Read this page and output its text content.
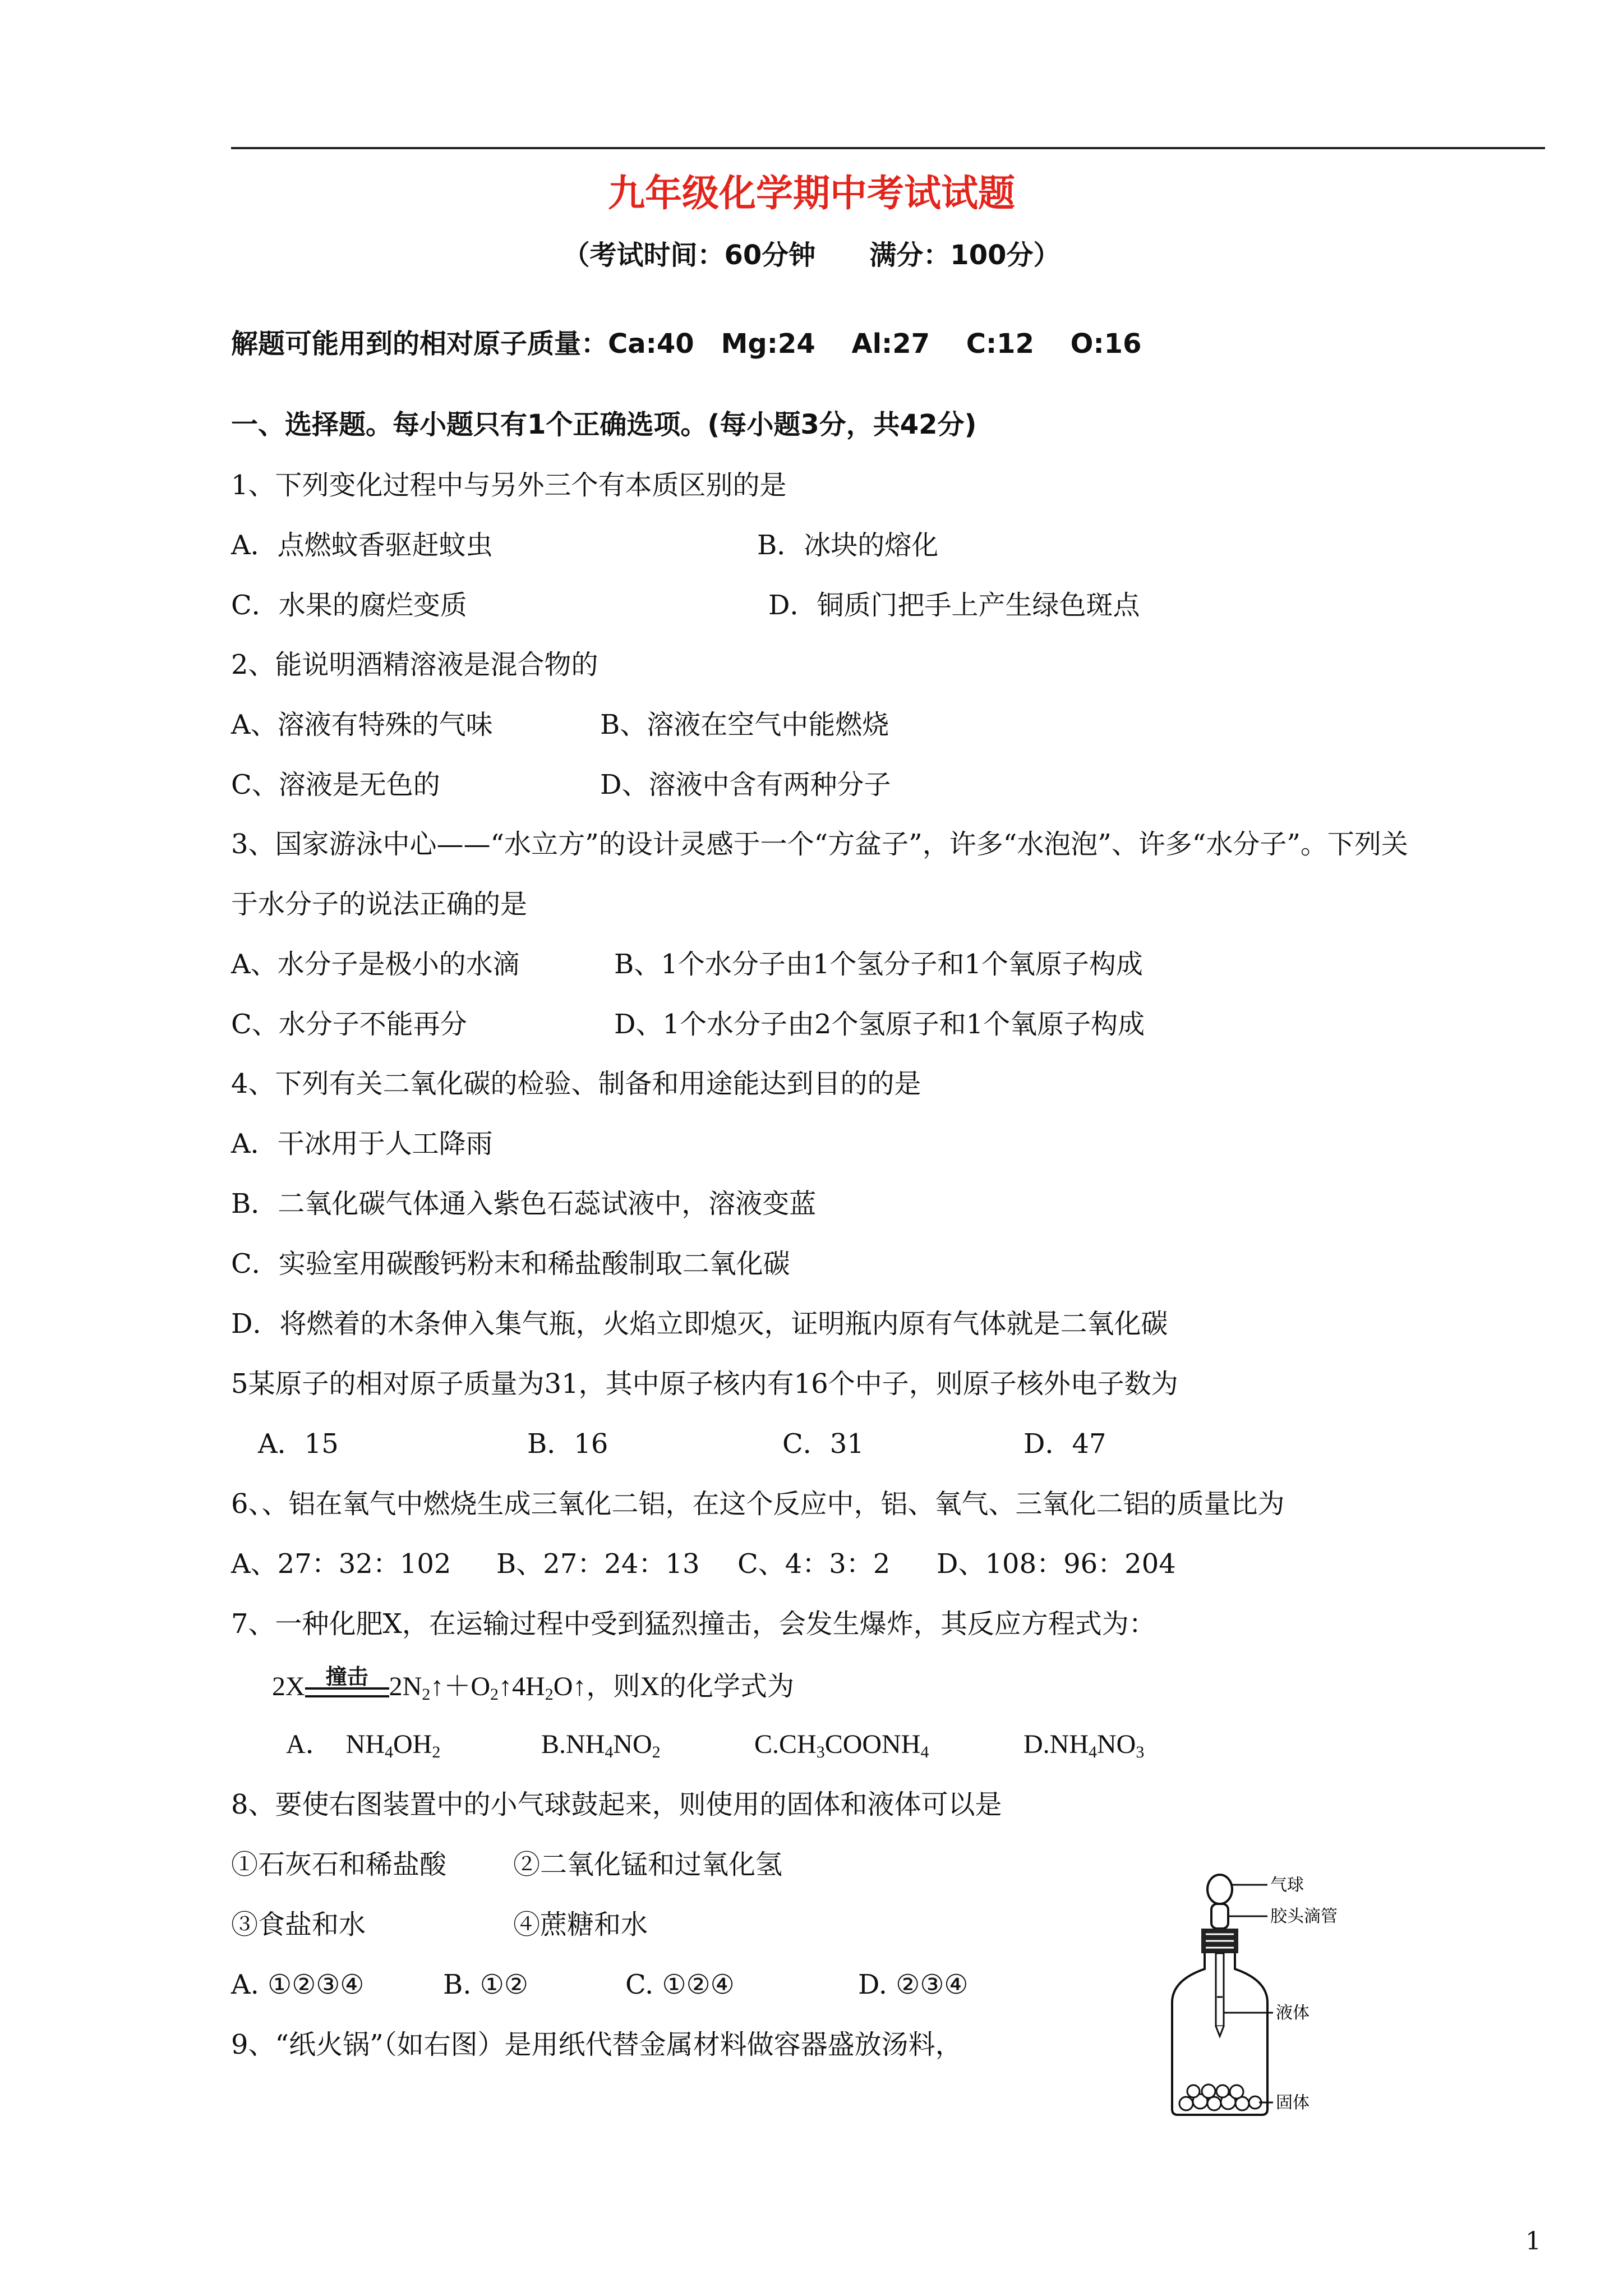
九年级化学期中考试试题
（考试时间：60分钟　　满分：100分）
解题可能用到的相对原子质量：Ca:40　Mg:24　 Al:27　 C:12　 O:16
一、选择题。每小题只有1个正确选项。(每小题3分，共42分)
1、下列变化过程中与另外三个有本质区别的是
A．点燃蚊香驱赶蚊虫	B．冰块的熔化
C．水果的腐烂变质	D．铜质门把手上产生绿色斑点
2、能说明酒精溶液是混合物的
A、溶液有特殊的气味	B、溶液在空气中能燃烧
C、溶液是无色的	D、溶液中含有两种分子
3、国家游泳中心——“水立方”的设计灵感于一个“方盆子”，许多“水泡泡”、许多“水分子”。下列关
于水分子的说法正确的是
A、水分子是极小的水滴	B、1个水分子由1个氢分子和1个氧原子构成
C、水分子不能再分	D、1个水分子由2个氢原子和1个氧原子构成
4、下列有关二氧化碳的检验、制备和用途能达到目的的是
A．干冰用于人工降雨
B．二氧化碳气体通入紫色石蕊试液中，溶液变蓝
C．实验室用碳酸钙粉末和稀盐酸制取二氧化碳
D．将燃着的木条伸入集气瓶，火焰立即熄灭，证明瓶内原有气体就是二氧化碳
5某原子的相对原子质量为31，其中原子核内有16个中子，则原子核外电子数为
A．15	B．16	C．31	D．47
6、、铝在氧气中燃烧生成三氧化二铝，在这个反应中，铝、氧气、三氧化二铝的质量比为
A、27：32：102 B、27：24：13 C、4：3：2 D、108：96：204
7、一种化肥X，在运输过程中受到猛烈撞击，会发生爆炸，其反应方程式为：
2X 撞击 $2N_2↑+O_2↑4H_2O↑$，则X的化学式为
A．  $NH_4OH_2$	$B.NH_4NO_2$	$C.CH_3COONH_4$	$D.NH_4NO_3$
8、要使右图装置中的小气球鼓起来，则使用的固体和液体可以是
①石灰石和稀盐酸 ②二氧化锰和过氧化氢
③食盐和水	④蔗糖和水
A. ①②③④	B. ①②	C. ①②④	D. ②③④
9、“纸火锅”（如右图）是用纸代替金属材料做容器盛放汤料，
气球
胶头滴管
液体
固体
1
